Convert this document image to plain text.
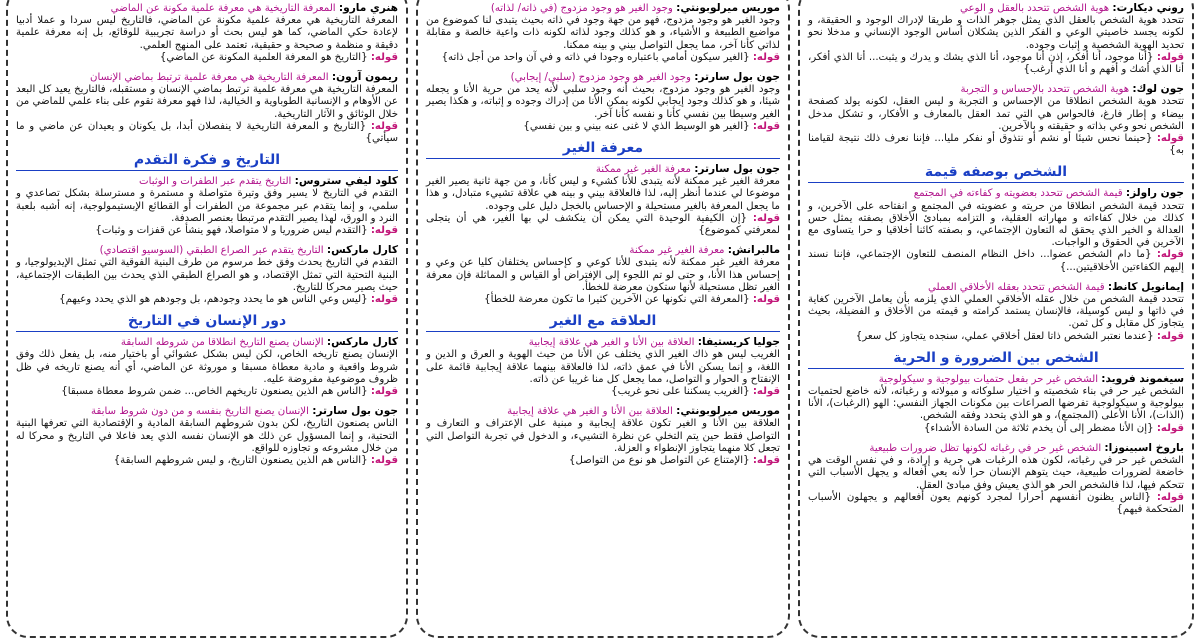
روني ديكارت: هوية الشخص تتحدد بالعقل و الوعي
تتحدد هوية الشخص بالعقل الذي يمثل جوهر الذات و طريقا لإدراك الوجود و الحقيقة، و لكونه يجسد خاصيتي الوعي و الفكر الذين يشكلان أساس الوجود الإنساني و مدخلا نحو تحديد الهوية الشخصية و إثبات وجوده.
قوله: {أنا موجود، أنا أفكر، إذن أنا موجود، أنا الذي يشك و يدرك و يثبت... أنا الذي أفكر، أنا الذي أشك و أفهم و أنا الذي أرغب}
جون لوك: هوية الشخص تتحدد بالإحساس و التجربة
تتحدد هوية الشخص انطلاقا من الإحساس و التجربة و ليس العقل، لكونه يولد كصفحة بيضاء و إطار فارغ، فالحواس هي التي تمد العقل بالمعارف و الأفكار، و تشكل مدخل الشخص نحو وعي بذاته و حقيقته و بالآخرين.
قوله: {حينما نحس شيئا أو نشم أو نتذوق أو نفكر مليا... فإننا نعرف ذلك نتيجة لقيامنا به}
الشخص بوصفه قيمة
جون راولز: قيمة الشخص تتحدد بعضويته و كفاءته في المجتمع
تتحدد قيمة الشخص انطلاقا من حريته و عضويته في المجتمع و انفتاحه على الآخرين، و كذلك من خلال كفاءاته و مهاراته العقلية، و التزامه بمبادئ الأخلاق بصفته يمثل حس العدالة و الخير الذي يحقق له التعاون الإجتماعي، و بصفته كائنا أخلاقيا و حرا يتساوى مع الآخرين في الحقوق و الواجبات.
قوله: {ما دام الشخص عضوا... داخل النظام المنصف للتعاون الإجتماعي، فإننا نسند إليهم الكفاءتين الأخلاقيتين...}
إيمانويل كانط: قيمة الشخص تتحدد بعقله الأخلاقي العملي
تتحدد قيمة الشخص من خلال عقله الأخلاقي العملي الذي يلزمه بأن يعامل الآخرين كغاية في ذاتها و ليس كوسيلة، فالإنسان يستمد كرامته و قيمته من الأخلاق و الفضيلة، بحيث يتجاوز كل مقابل و كل ثمن.
قوله: {عندما نعتبر الشخص ذاتا لعقل أخلاقي عملي، سنجده يتجاوز كل سعر}
الشخص بين الضرورة و الحرية
سيغموند فرويد: الشخص غير حر بفعل حتميات بيولوجية و سيكولوجية
الشخص غير حر في بناء شخصيته و اختيار سلوكاته و ميولاته و رغباته، لأنه خاضع لحتميات بيولوجية و سيكولوجية تفرضها الصراعات بين مكونات الجهاز النفسي: الهو (الرغبات)، الأنا (الذات)، الأنا الأعلى (المجتمع)، و هو الذي يتحدد وفقه الشخص.
قوله: {إن الأنا مضطر إلى أن يخدم ثلاثة من السادة الأشداء}
باروخ اسبينوزا: الشخص غير حر في رغباته لكونها تظل ضرورات طبيعية
الشخص غير حر في رغباته، لكون هذه الرغبات هي حرية و إرادة، و في نفس الوقت هي خاضعة لضرورات طبيعية، حيث يتوهم الإنسان حرا لأنه يعي أفعاله و يجهل الأسباب التي تتحكم فيها، لذا فالشخص الحر هو الذي يعيش وفق مبادئ العقل.
قوله: {الناس يظنون أنفسهم أحرارا لمجرد كونهم يعون أفعالهم و يجهلون الأسباب المتحكمة فيهم}
موريس ميرلوبونتي: وجود الغير هو وجود مزدوج (في ذاته/ لذاته)
وجود الغير هو وجود مزدوج، فهو من جهة وجود في ذاته بحيث يتبدى لنا كموضوع من مواضيع الطبيعة و الأشياء، و هو كذلك وجود لذاته لكونه ذات واعية خالصة و مقابلة لذاتي كأنا آخر، مما يجعل التواصل بيني و بينه ممكنا.
قوله: {الغير سيكون أمامي باعتباره وجودا في ذاته و في آن واحد من أجل ذاته}
جون بول سارتر: وجود الغير هو وجود مزدوج (سلبي/ إيجابي)
وجود الغير هو وجود مزدوج، بحيث أنه وجود سلبي لأنه يحد من حرية الأنا و يجعله شيئا، و هو كذلك وجود إيجابي لكونه يمكن الأنا من إدراك وجوده و إثباته، و هكذا يصير الغير وسيطا بين نفسي كأنا و نفسه كأنا آخر.
قوله: {الغير هو الوسيط الذي لا غنى عنه بيني و بين نفسي}
معرفة الغير
جون بول سارتر: معرفة الغير غير ممكنة
معرفة الغير غير ممكنة لأنه يتبدى للأنا كشيء و ليس كأنا، و من جهة ثانية يصير الغير موضوعا لي عندما أنظر إليه، لذا فالعلاقة بيني و بينه هي علاقة تشييء متبادل، و هذا ما يجعل المعرفة بالغير مستحيلة و الإحساس بالخجل دليل على وجوده.
قوله: {إن الكيفية الوحيدة التي يمكن أن ينكشف لي بها الغير، هي أن يتجلى لمعرفتي كموضوع}
مالبرانش: معرفة الغير غير ممكنة
معرفة الغير غير ممكنة لأنه يتبدى للأنا كوعي و كإحساس يختلفان كليا عن وعي و إحساس هذا الأنا، و حتى لو تم اللجوء إلى الإفتراض أو القياس و المماثلة فإن معرفة الغير تظل مستحيلة لأنها ستكون معرضة للخطأ.
قوله: {المعرفة التي نكونها عن الآخرين كثيرا ما تكون معرضة للخطأ}
العلاقة مع الغير
جوليا كريستيفا: العلاقة بين الأنا و الغير هي علاقة إيجابية
الغريب ليس هو ذاك الغير الذي يختلف عن الأنا من حيث الهوية و العرق و الدين و اللغة، و إنما يسكن الأنا في عمق ذاته، لذا فالعلاقة بينهما علاقة إيجابية قائمة على الإنفتاح و الحوار و التواصل، مما يجعل كل منا غريبا عن ذاته.
قوله: {الغريب يسكننا على نحو غريب}
موريس ميرلوبونتي: العلاقة بين الأنا و الغير هي علاقة إيجابية
العلاقة بين الأنا و الغير تكون علاقة إيجابية و مبنية على الإعتراف و التعارف و التواصل فقط حين يتم التخلي عن نظرة التشييء، و الدخول في تجربة التواصل التي تجعل كلا منهما يتجاوز الإنطواء و العزلة.
قوله: {الإمتناع عن التواصل هو نوع من التواصل}
هنري مارو: المعرفة التاريخية هي معرفة علمية مكونة عن الماضي
المعرفة التاريخية هي معرفة علمية مكونة عن الماضي، فالتاريخ ليس سردا و عملا أدبيا لإعادة حكي الماضي، كما هو ليس بحث أو دراسة تجريبية للوقائع، بل إنه معرفة علمية دقيقة و منظمة و صحيحة و حقيقية، تعتمد على المنهج العلمي.
قوله: {التاريخ هو المعرفة العلمية المكونة عن الماضي}
ريمون آرون: المعرفة التاريخية هي معرفة علمية ترتبط بماضي الإنسان
المعرفة التاريخية هي معرفة علمية ترتبط بماضي الإنسان و مستقبله، فالتاريخ يعيد كل البعد عن الأوهام و الإنسانية الطوباوية و الخيالية، لذا فهو معرفة تقوم على بناء علمي للماضي من خلال الوثائق و الآثار التاريخية.
قوله: {التاريخ و المعرفة التاريخية لا ينفصلان أبدا، بل يكونان و يعيدان عن ماضي و ما سيأتي}
التاريخ و فكرة التقدم
كلود ليفي ستروس: التاريخ يتقدم عبر الطفرات و الوثبات
التقدم في التاريخ لا يسير وفق وتيرة متواصلة و مستمرة و مسترسلة بشكل تصاعدي و سلمي، و إنما يتقدم عبر مجموعة من الطفرات أو القطائع الإبستيمولوجية، إنه أشبه بلعبة النرد و الورق، لهذا يصير التقدم مرتبطا بعنصر الصدفة.
قوله: {التقدم ليس ضروريا و لا متواصلا، فهو ينشأ عن قفزات و وثبات}
كارل ماركس: التاريخ يتقدم عبر الصراع الطبقي (السوسيو اقتصادي)
التقدم في التاريخ يحدث وفق خط مرسوم من طرف البنية الفوقية التي تمثل الإيديولوجيا، و البنية التحتية التي تمثل الإقتصاد، و هو الصراع الطبقي الذي يحدث بين الطبقات الإجتماعية، حيث يصير محركا للتاريخ.
قوله: {ليس وعي الناس هو ما يحدد وجودهم، بل وجودهم هو الذي يحدد وعيهم}
دور الإنسان في التاريخ
كارل ماركس: الإنسان يصنع التاريخ انطلاقا من شروطه السابقة
الإنسان يصنع تاريخه الخاص، لكن ليس بشكل عشوائي أو باختيار منه، بل يفعل ذلك وفق شروط واقعية و مادية معطاة مسبقا و موروثة عن الماضي، أي أنه يصنع تاريخه في ظل ظروف موضوعية مفروضة عليه.
قوله: {الناس هم الذين يصنعون تاريخهم الخاص... ضمن شروط معطاة مسبقا}
جون بول سارتر: الإنسان يصنع التاريخ بنفسه و من دون شروط سابقة
الناس يصنعون التاريخ، لكن بدون شروطهم السابقة المادية و الإقتصادية التي تعرفها البنية التحتية، و إنما المسؤول عن ذلك هو الإنسان نفسه الذي يعد فاعلا في التاريخ و محركا له من خلال مشروعه و تجاوزه للواقع.
قوله: {الناس هم الذين يصنعون التاريخ، و ليس شروطهم السابقة}
